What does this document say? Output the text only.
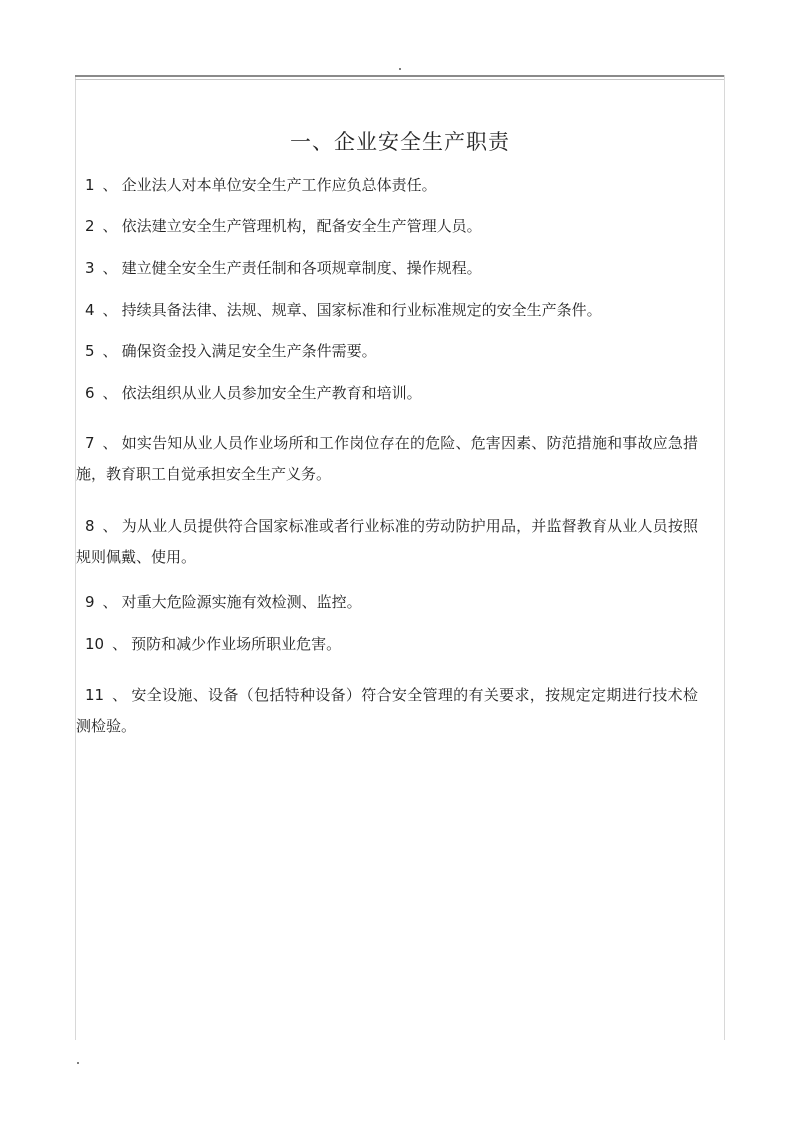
一、企业安全生产职责
1 、 企业法人对本单位安全生产工作应负总体责任。
2 、 依法建立安全生产管理机构，配备安全生产管理人员。
3 、 建立健全安全生产责任制和各项规章制度、操作规程。
4 、 持续具备法律、法规、规章、国家标准和行业标准规定的安全生产条件。
5 、 确保资金投入满足安全生产条件需要。
6 、 依法组织从业人员参加安全生产教育和培训。
7 、 如实告知从业人员作业场所和工作岗位存在的危险、危害因素、防范措施和事故应急措施，教育职工自觉承担安全生产义务。
8 、 为从业人员提供符合国家标准或者行业标准的劳动防护用品，并监督教育从业人员按照规则佩戴、使用。
9 、 对重大危险源实施有效检测、监控。
10 、 预防和减少作业场所职业危害。
11 、 安全设施、设备（包括特种设备）符合安全管理的有关要求，按规定定期进行技术检测检验。
